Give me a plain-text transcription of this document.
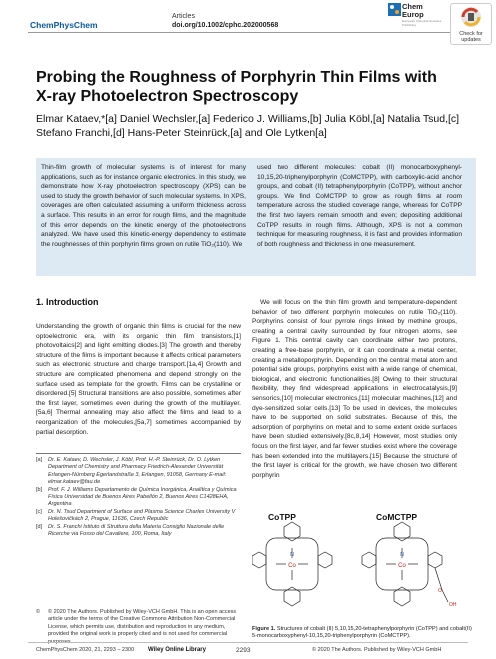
ChemPhysChem
Articles
doi.org/10.1002/cphc.202000568
Chem
Europ
European Chemical Societies Publishing
Check for updates
Probing the Roughness of Porphyrin Thin Films with X-ray Photoelectron Spectroscopy
Elmar Kataev,*[a] Daniel Wechsler,[a] Federico J. Williams,[b] Julia Köbl,[a] Natalia Tsud,[c] Stefano Franchi,[d] Hans-Peter Steinrück,[a] and Ole Lytken[a]
Thin-film growth of molecular systems is of interest for many applications, such as for instance organic electronics. In this study, we demonstrate how X-ray photoelectron spectroscopy (XPS) can be used to study the growth behavior of such molecular systems. In XPS, coverages are often calculated assuming a uniform thickness across a surface. This results in an error for rough films, and the magnitude of this error depends on the kinetic energy of the photoelectrons analyzed. We have used this kinetic-energy dependency to estimate the roughnesses of thin porphyrin films grown on rutile TiO₂(110). We
used two different molecules: cobalt (II) monocarboxyphenyl-10,15,20-triphenylporphyrin (CoMCTPP), with carboxylic-acid anchor groups, and cobalt (II) tetraphenylporphyrin (CoTPP), without anchor groups. We find CoMCTPP to grow as rough films at room temperature across the studied coverage range, whereas for CoTPP the first two layers remain smooth and even; depositing additional CoTPP results in rough films. Although, XPS is not a common technique for measuring roughness, it is fast and provides information of both roughness and thickness in one measurement.
1. Introduction

Understanding the growth of organic thin films is crucial for the new optoelectronic era, with its organic thin film transistors,[1] photovoltaics[2] and light emitting diodes.[3] The growth and thereby structure of the films is important because it affects critical parameters such as electronic structure and charge transport.[1a,4] Growth and structure are complicated phenomena and depend strongly on the surface used as template for the growth. Films can be crystalline or disordered.[5] Structural transitions are also possible, sometimes after the first layer, sometimes even during the growth of the multilayer.[5a,6] Thermal annealing may also affect the films and lead to a reorganization of the molecules,[5a,7] sometimes accompanied by partial desorption.

We will focus on the thin film growth and temperature-dependent behavior of two different porphyrin molecules on rutile TiO₂(110). Porphyrins consist of four pyrrole rings linked by methine groups, creating a central cavity surrounded by four nitrogen atoms, see Figure 1. This central cavity can coordinate either two protons, creating a free-base porphyrin, or it can coordinate a metal center, creating a metalloporphyrin. Depending on the central metal atom and potential side groups, porphyrins exist with a wide range of chemical, biological, and electronic functionalities.[8] Owing to their structural flexibility, they find widespread applications in electrocatalysis,[9] sensorics,[10] molecular electronics,[11] molecular machines,[12] and dye-sensitized solar cells.[13] To be used in devices, the molecules have to be supported on solid substrates. Because of this, the adsorption of porphyrins on metal and to some extent oxide surfaces have been studied extensively.[8c,8,14] However, most studies only focus on the first layer, and far fewer studies exist where the coverage has been extended into the multilayers.[15] Because the structure of the first layer is critical for the growth, we have chosen two different porphyrin

[a] Dr. E. Kataev, D. Wechsler, J. Köbl, Prof. H.-P. Steinrück, Dr. O. Lytken Department of Chemistry and Pharmacy Friedrich-Alexander Universität Erlangen-Nürnberg Egerlandstraße 3, Erlangen, 91058, Germany E-mail: elmar.kataev@fau.de
[b] Prof. F. J. Williams Departamento de Química Inorgánica, Analítica y Química Física Universidad de Buenos Aires Pabellón 2, Buenos Aires C1428EHA, Argentina
[c] Dr. N. Tsud Department of Surface and Plasma Science Charles University V Holešovičkách 2, Prague, 11636, Czech Republic
[d] Dr. S. Franchi Istituto di Struttura della Materia Consiglio Nazionale delle Ricerche via Fosso del Cavaliere, 100, Roma, Italy
©	© 2020 The Authors. Published by Wiley-VCH GmbH. This is an open access article under the terms of the Creative Commons Attribution Non-Commercial License, which permits use, distribution and reproduction in any medium, provided the original work is properly cited and is not used for commercial
CoTPP	CoMCTPP
Co	Co
N	N
O
OH
Figure 1. Structures of cobalt (II) 5,10,15,20-tetraphenylporphyrin (CoTPP) and cobalt(II) 5-monocarboxyphenyl-10,15,20-triphenylporphyrin (CoMCTPP).
ChemPhysChem 2020, 21, 2293 – 2300 Wiley Online Library	2293	© 2020 The Authors. Published by Wiley-VCH GmbH
